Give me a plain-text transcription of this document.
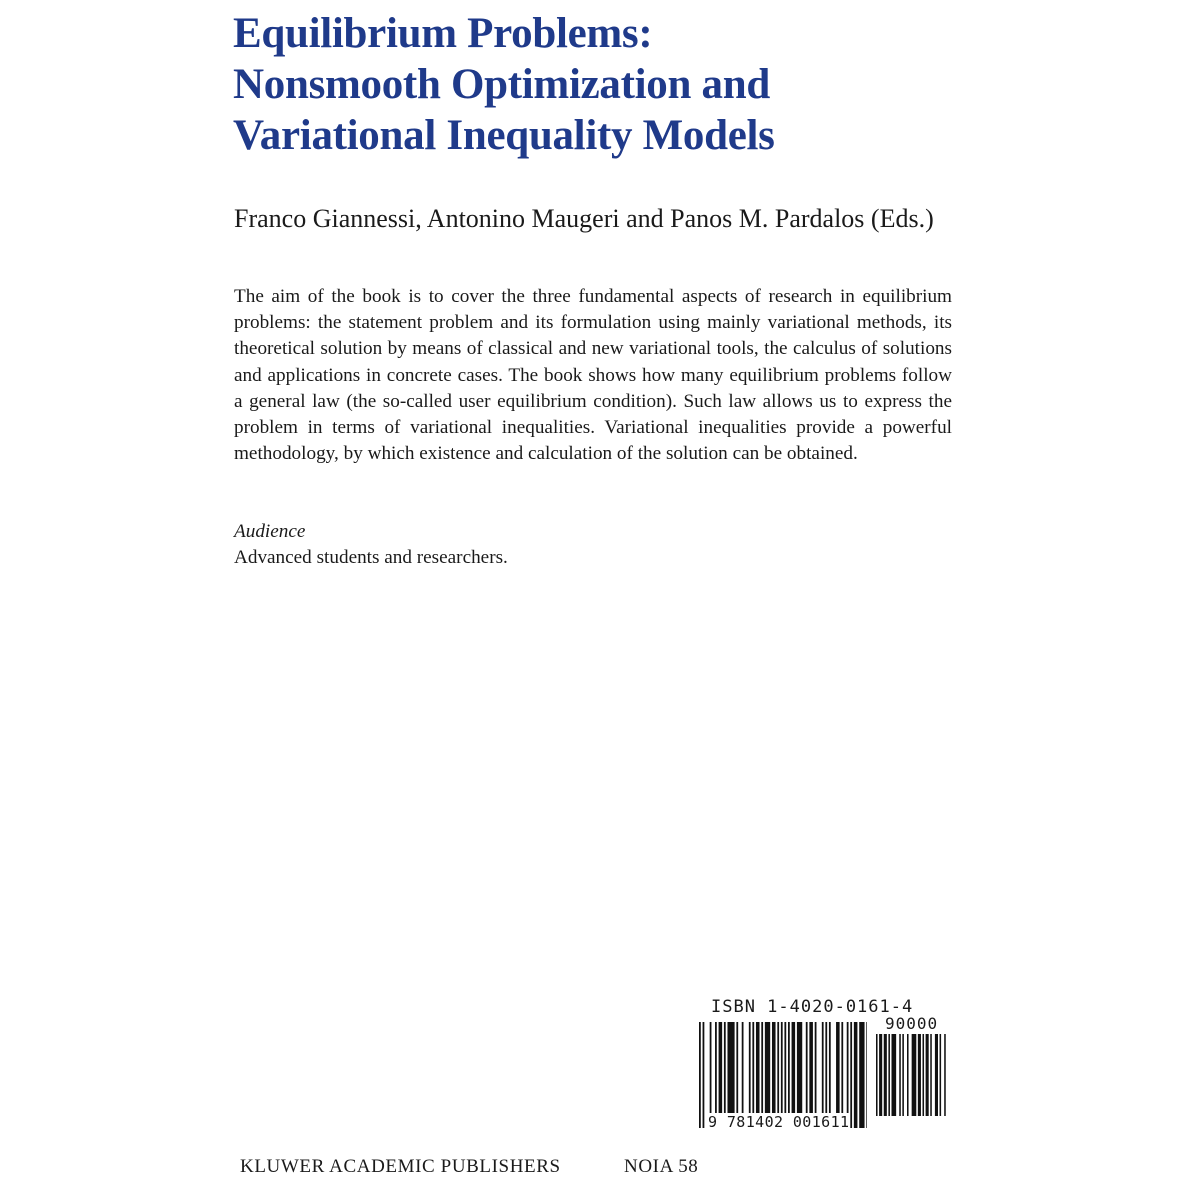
Equilibrium Problems:
Nonsmooth Optimization and
Variational Inequality Models
Franco Giannessi, Antonino Maugeri and Panos M. Pardalos (Eds.)

The aim of the book is to cover the three fundamental aspects of research in equilibrium problems: the statement problem and its formulation using mainly variational methods, its theoretical solution by means of classical and new variational tools, the calculus of solutions and applications in concrete cases. The book shows how many equilibrium problems follow a general law (the so-called user equilibrium condition). Such law allows us to express the problem in terms of variational inequalities. Variational inequalities provide a powerful methodology, by which existence and calculation of the solution can be obtained.

Audience
Advanced students and researchers.
ISBN 1-4020-0161-4
90000
9 781402 001611
KLUWER ACADEMIC PUBLISHERS	NOIA 58
